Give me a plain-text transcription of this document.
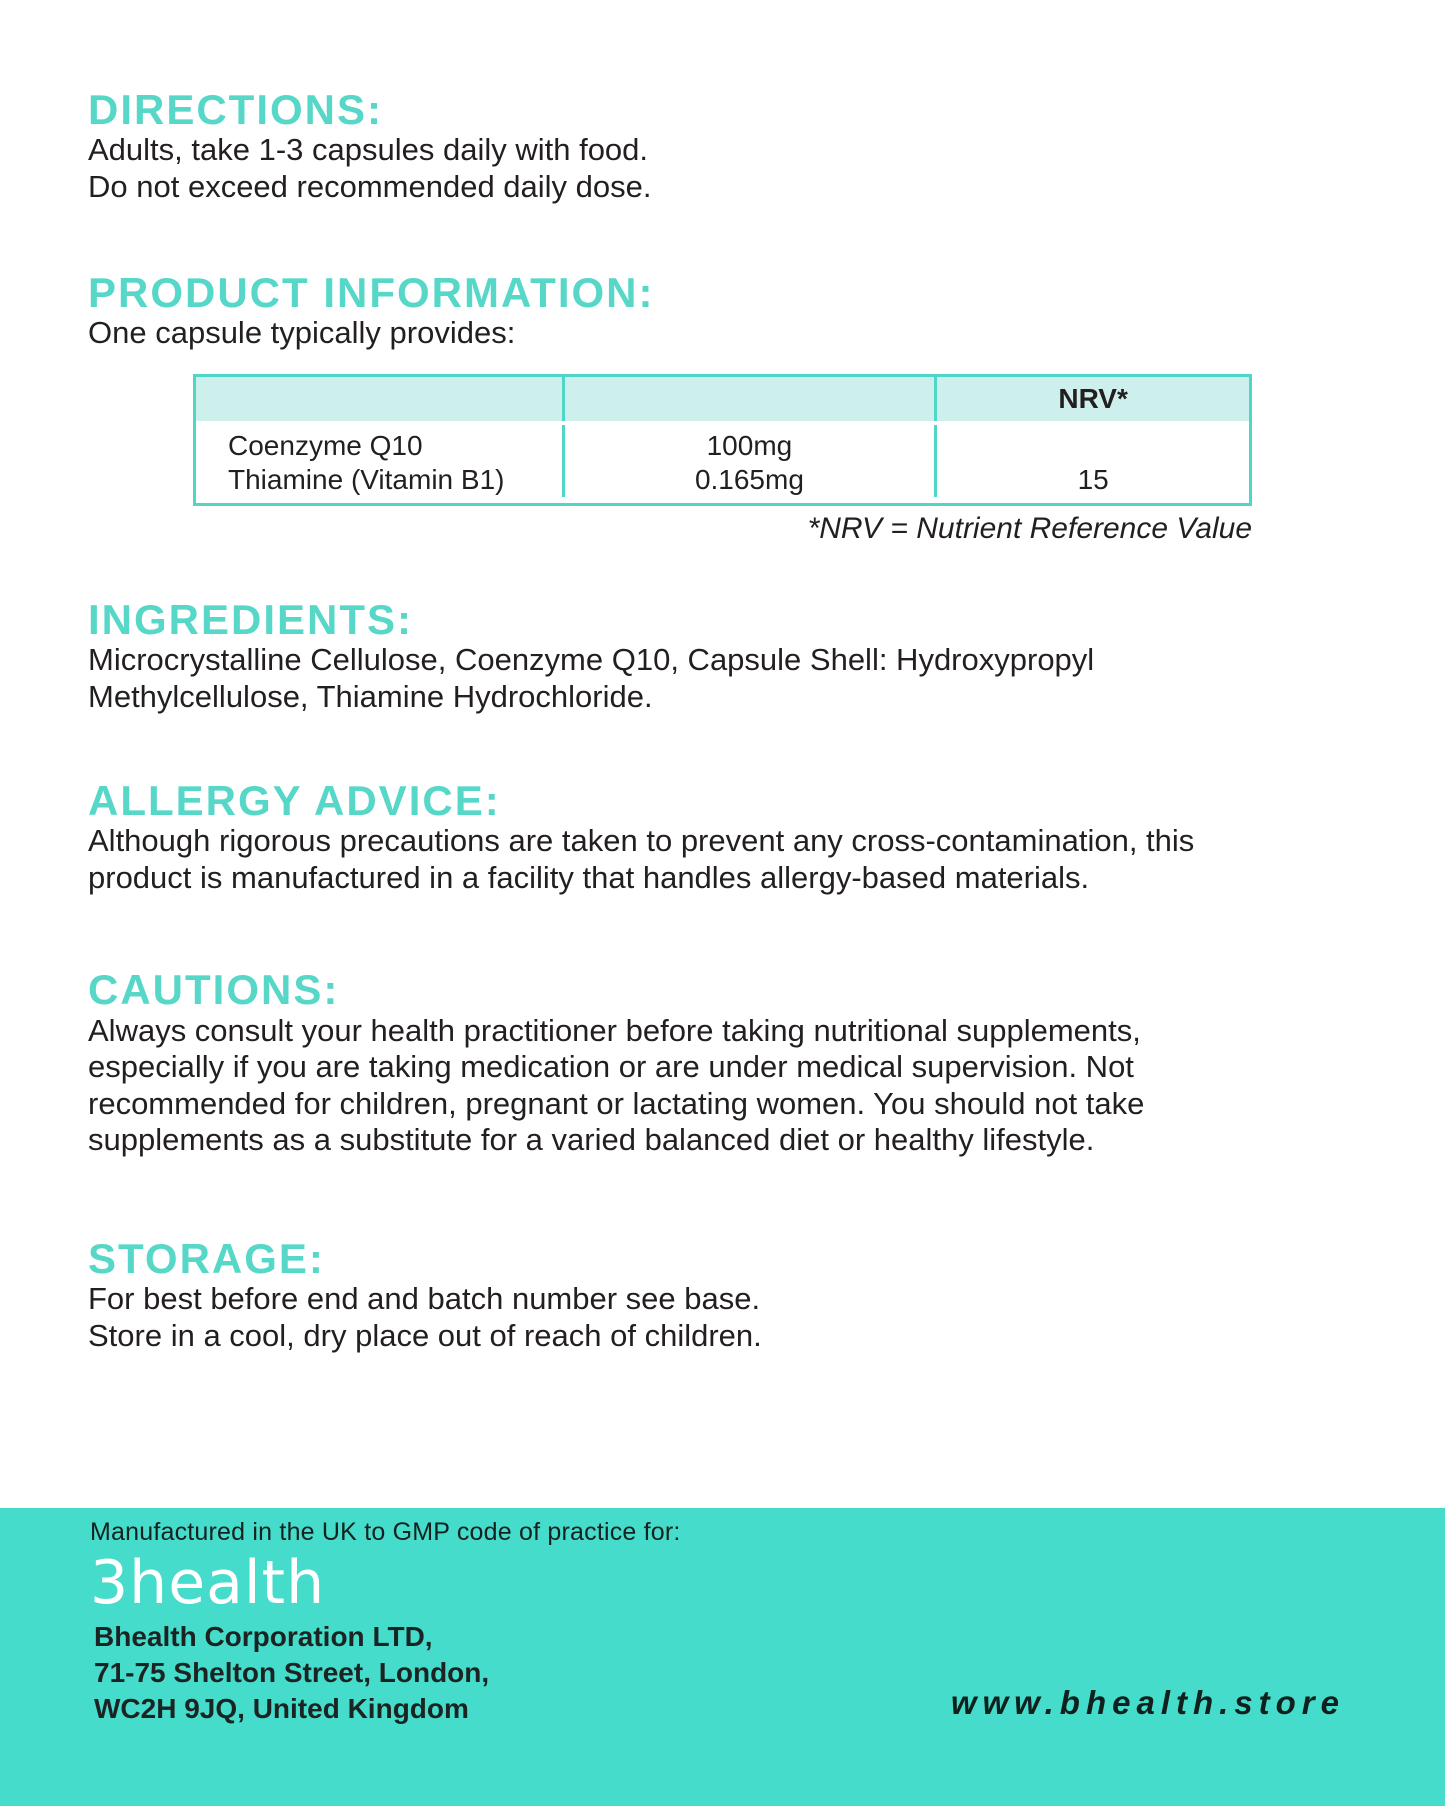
DIRECTIONS:
Adults, take 1-3 capsules daily with food.
Do not exceed recommended daily dose.
PRODUCT INFORMATION:
One capsule typically provides:
NRV*
Coenzyme Q10
Thiamine (Vitamin B1)
100mg
0.165mg	15
*NRV = Nutrient Reference Value
INGREDIENTS:
Microcrystalline Cellulose, Coenzyme Q10, Capsule Shell: Hydroxypropyl Methylcellulose, Thiamine Hydrochloride.
ALLERGY ADVICE:
Although rigorous precautions are taken to prevent any cross-contamination, this product is manufactured in a facility that handles allergy-based materials.
CAUTIONS:
Always consult your health practitioner before taking nutritional supplements, especially if you are taking medication or are under medical supervision. Not recommended for children, pregnant or lactating women. You should not take supplements as a substitute for a varied balanced diet or healthy lifestyle.
STORAGE:
For best before end and batch number see base.
Store in a cool, dry place out of reach of children.
Manufactured in the UK to GMP code of practice for:
3health
Bhealth Corporation LTD,
71-75 Shelton Street, London,
WC2H 9JQ, United Kingdom	www.bhealth.store
